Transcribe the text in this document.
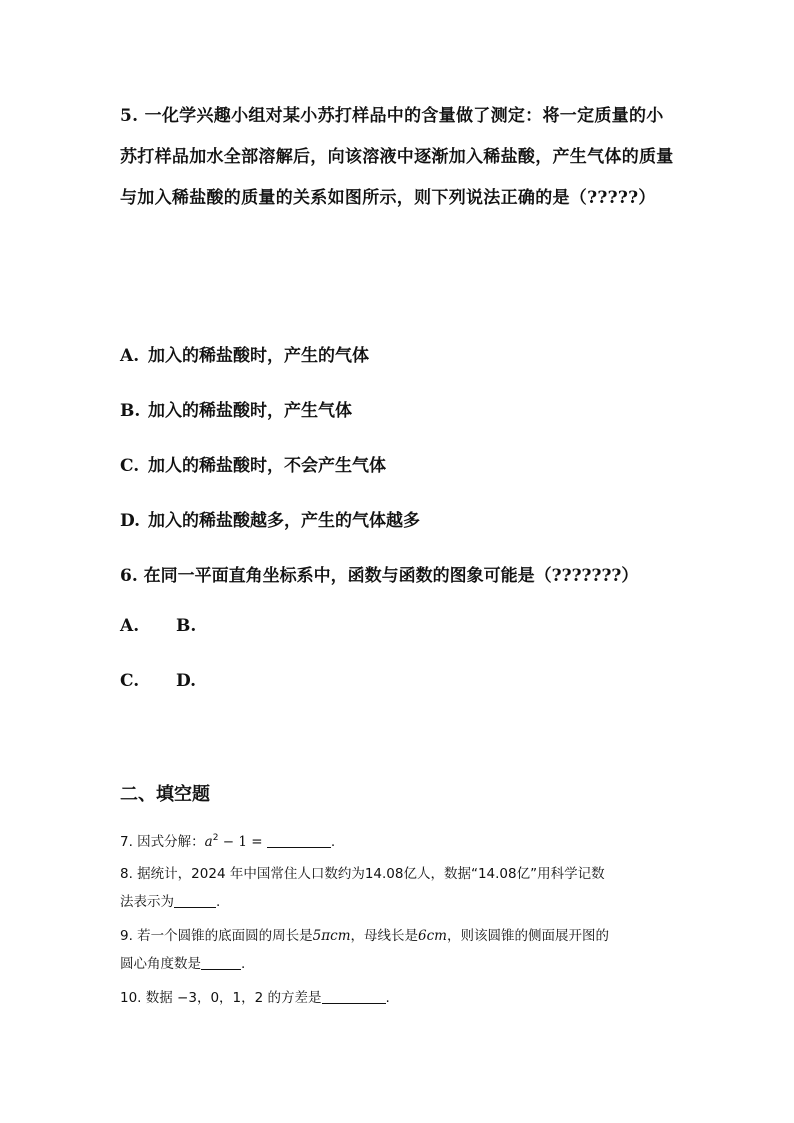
5. 一化学兴趣小组对某小苏打样品中的含量做了测定：将一定质量的小苏打样品加水全部溶解后，向该溶液中逐渐加入稀盐酸，产生气体的质量与加入稀盐酸的质量的关系如图所示，则下列说法正确的是（?????）
A. 加入的稀盐酸时，产生的气体
B. 加入的稀盐酸时，产生气体
C. 加人的稀盐酸时，不会产生气体
D. 加入的稀盐酸越多，产生的气体越多
6. 在同一平面直角坐标系中，函数与函数的图象可能是（???????）
A. B.
C. D.
二、填空题
7. 因式分解：$a^2 - 1$ =	.
8. 据统计，2024 年中国常住人口数约为14.08亿人，数据“14.08亿”用科学记数
法表示为	.
9. 若一个圆锥的底面圆的周长是5πcm，母线长是6cm，则该圆锥的侧面展开图的
圆心角度数是	.
10. 数据 −3，0，1，2 的方差是	.
